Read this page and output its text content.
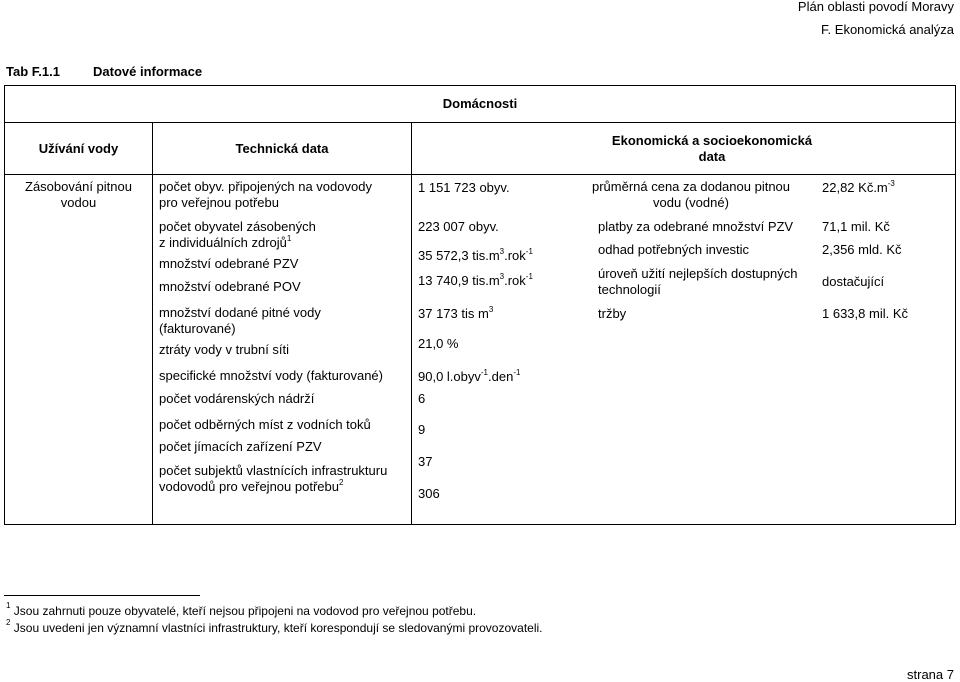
Plán oblasti povodí Moravy
F. Ekonomická analýza
Tab F.1.1	Datové informace
Domácnosti
Užívání vody	Technická data
Ekonomická a socioekonomická
data
Zásobování pitnou
vodou
počet obyv. připojených na vodovody
pro veřejnou potřebu
počet obyvatel zásobených
z individuálních zdrojů$^1$
množství odebrané PZV
množství odebrané POV
množství dodané pitné vody
(fakturované)
ztráty vody v trubní síti
specifické množství vody (fakturované)
počet vodárenských nádrží
počet odběrných míst z vodních toků
počet jímacích zařízení PZV
počet subjektů vlastnících infrastrukturu
vodovodů pro veřejnou potřebu$^2$
1 151 723 obyv.
223 007 obyv.
35 572,3 $tis.m^3.rok^{-1}$
13 740,9 $tis.m^3.rok^{-1}$
37 173 tis $m^3$
21,0 %
90,0 l.obyv$^{-1}$.den$^{-1}$
6
9
37
306
průměrná cena za dodanou pitnou
vodu (vodné)
platby za odebrané množství PZV
odhad potřebných investic
úroveň užití nejlepších dostupných
technologií
tržby
22,82 $Kč.m^{-3}$
71,1 mil. Kč
2,356 mld. Kč
dostačující
1 633,8 mil. Kč
$^1$ Jsou zahrnuti pouze obyvatelé, kteří nejsou připojeni na vodovod pro veřejnou potřebu.
$^2$ Jsou uvedeni jen významní vlastníci infrastruktury, kteří korespondují se sledovanými provozovateli.
strana 7
